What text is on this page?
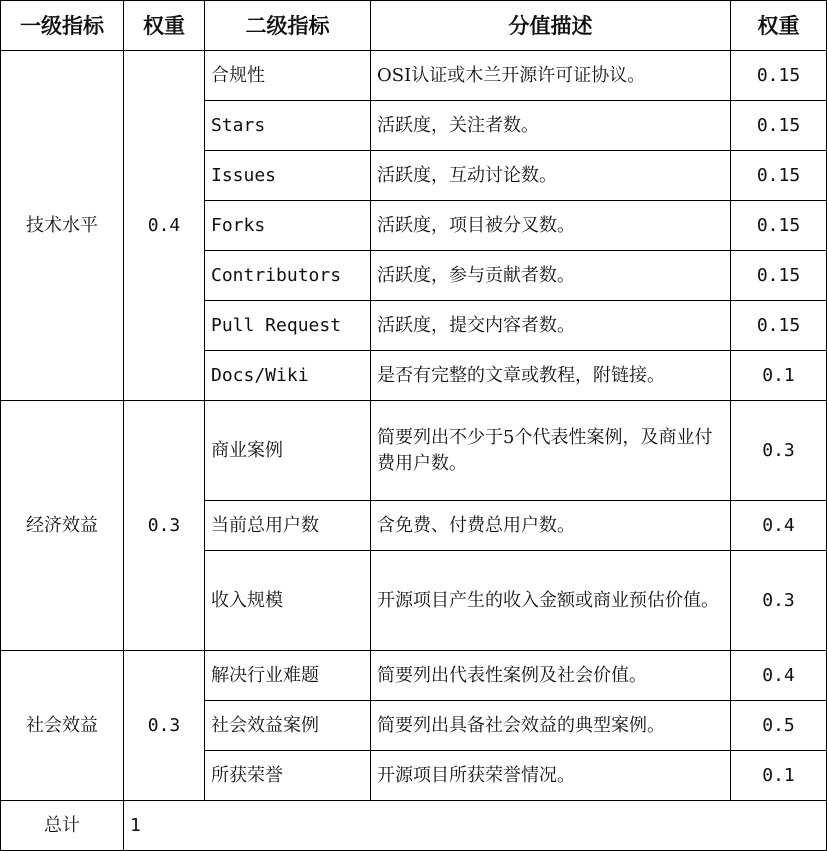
一级指标	权重	二级指标	分值描述	权重
技术水平	0.4	合规性	OSI认证或木兰开源许可证协议。	0.15
		Stars	活跃度，关注者数。	0.15
		Issues	活跃度，互动讨论数。	0.15
		Forks	活跃度，项目被分叉数。	0.15
		Contributors	活跃度，参与贡献者数。	0.15
		Pull Request	活跃度，提交内容者数。	0.15
		Docs/Wiki	是否有完整的文章或教程，附链接。	0.1
经济效益	0.3	商业案例	简要列出不少于5个代表性案例，及商业付费用户数。	0.3
		当前总用户数	含免费、付费总用户数。	0.4
		收入规模	开源项目产生的收入金额或商业预估价值。	0.3
社会效益	0.3	解决行业难题	简要列出代表性案例及社会价值。	0.4
		社会效益案例	简要列出具备社会效益的典型案例。	0.5
		所获荣誉	开源项目所获荣誉情况。	0.1
总计	1			
